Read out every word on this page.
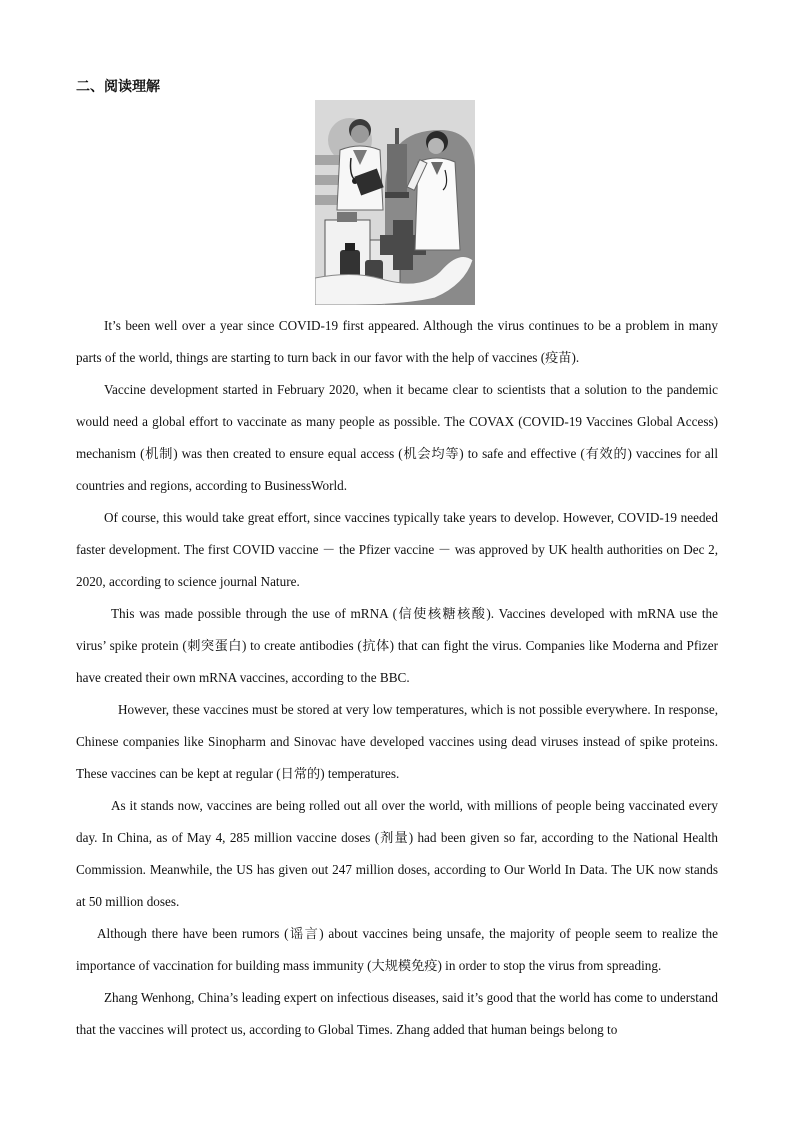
二、阅读理解

It’s been well over a year since COVID-19 first appeared. Although the virus continues to be a problem in many parts of the world, things are starting to turn back in our favor with the help of vaccines (疫苗).

Vaccine development started in February 2020, when it became clear to scientists that a solution to the pandemic would need a global effort to vaccinate as many people as possible. The COVAX (COVID-19 Vaccines Global Access) mechanism (机制) was then created to ensure equal access (机会均等) to safe and effective (有效的) vaccines for all countries and regions, according to BusinessWorld.

Of course, this would take great effort, since vaccines typically take years to develop. However, COVID-19 needed faster development. The first COVID vaccine － the Pfizer vaccine － was approved by UK health authorities on Dec 2, 2020, according to science journal Nature.

This was made possible through the use of mRNA (信使核糖核酸). Vaccines developed with mRNA use the virus’ spike protein (刺突蛋白) to create antibodies (抗体) that can fight the virus. Companies like Moderna and Pfizer have created their own mRNA vaccines, according to the BBC.

However, these vaccines must be stored at very low temperatures, which is not possible everywhere. In response, Chinese companies like Sinopharm and Sinovac have developed vaccines using dead viruses instead of spike proteins. These vaccines can be kept at regular (日常的) temperatures.

As it stands now, vaccines are being rolled out all over the world, with millions of people being vaccinated every day. In China, as of May 4, 285 million vaccine doses (剂量) had been given so far, according to the National Health Commission. Meanwhile, the US has given out 247 million doses, according to Our World In Data. The UK now stands at 50 million doses.

Although there have been rumors (谣言) about vaccines being unsafe, the majority of people seem to realize the importance of vaccination for building mass immunity (大规模免疫) in order to stop the virus from spreading.

Zhang Wenhong, China’s leading expert on infectious diseases, said it’s good that the world has come to understand that the vaccines will protect us, according to Global Times. Zhang added that human beings belong to
